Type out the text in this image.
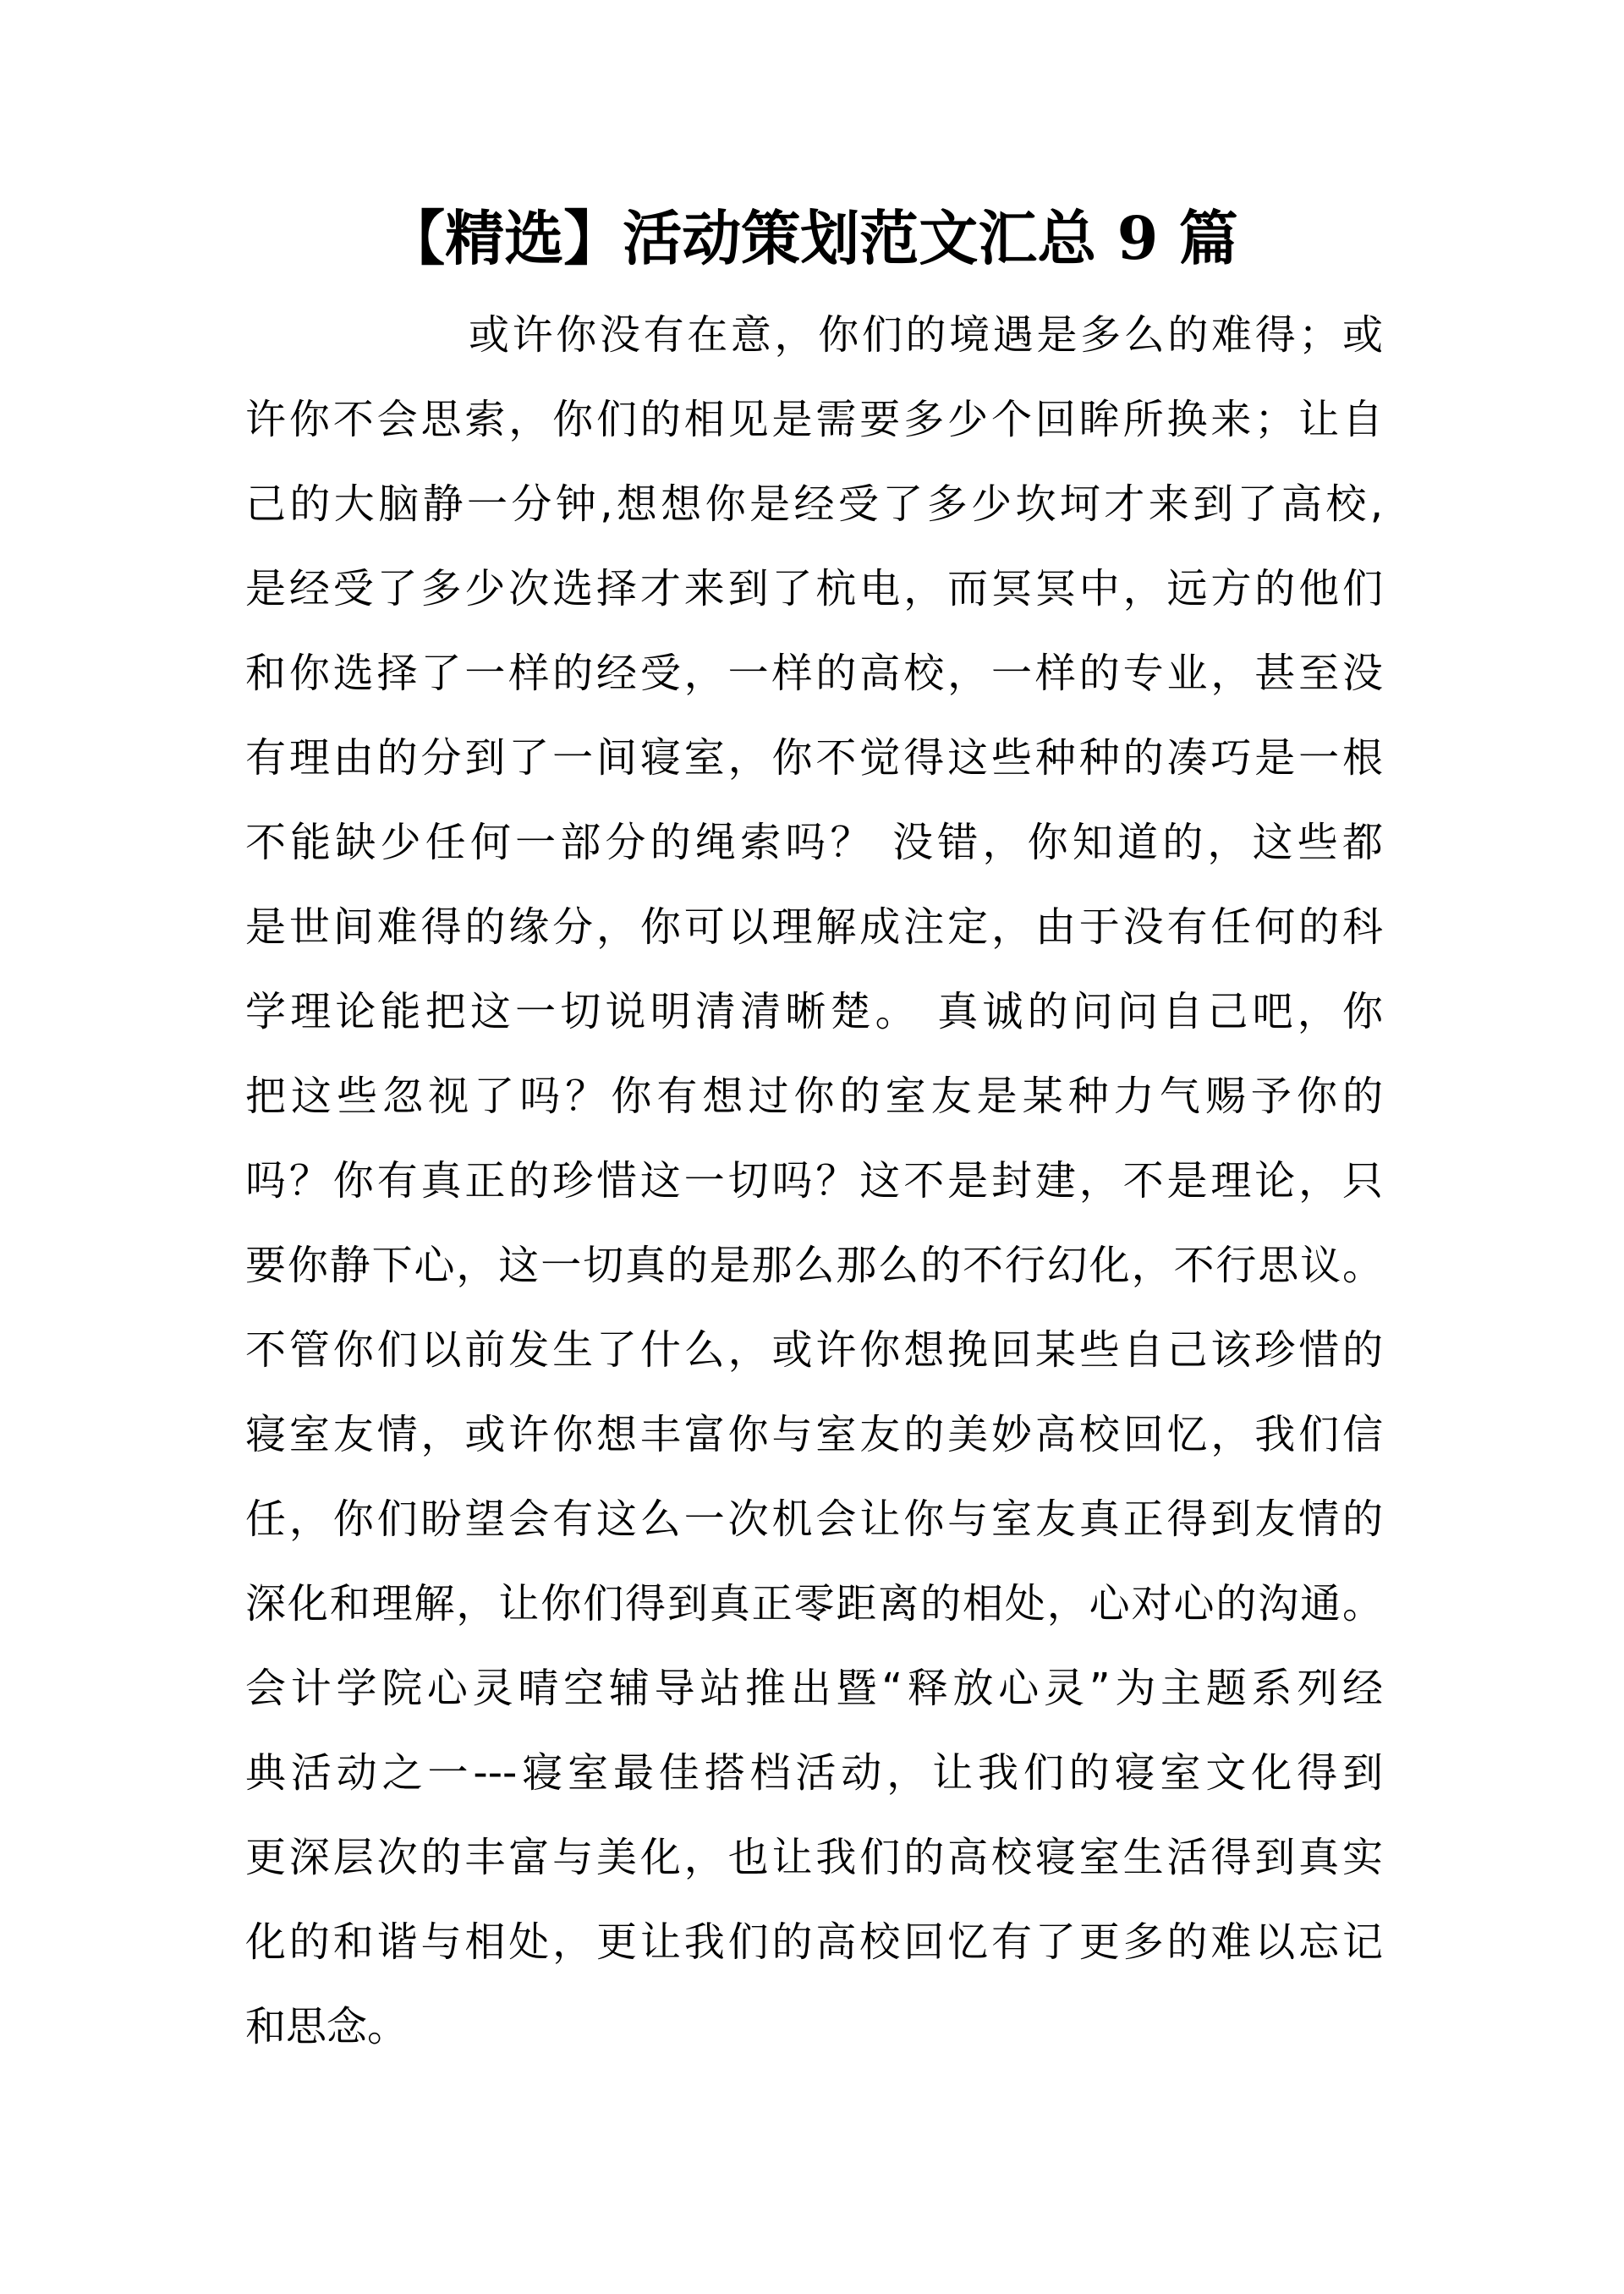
【精选】活动策划范文汇总 9 篇
或许你没有在意，你们的境遇是多么的难得；或
许你不会思索，你们的相见是需要多少个回眸所换来；让自
己的大脑静一分钟,想想你是经受了多少坎坷才来到了高校,
是经受了多少次选择才来到了杭电，而冥冥中，远方的他们
和你选择了一样的经受，一样的高校，一样的专业，甚至没
有理由的分到了一间寝室，你不觉得这些种种的凑巧是一根
不能缺少任何一部分的绳索吗？ 没错，你知道的，这些都
是世间难得的缘分，你可以理解成注定，由于没有任何的科
学理论能把这一切说明清清晰楚。 真诚的问问自己吧，你
把这些忽视了吗？你有想过你的室友是某种力气赐予你的
吗？你有真正的珍惜这一切吗？这不是封建，不是理论，只
要你静下心，这一切真的是那么那么的不行幻化，不行思议。
不管你们以前发生了什么，或许你想挽回某些自己该珍惜的
寝室友情，或许你想丰富你与室友的美妙高校回忆，我们信
任，你们盼望会有这么一次机会让你与室友真正得到友情的
深化和理解，让你们得到真正零距离的相处，心对心的沟通。
会计学院心灵晴空辅导站推出暨“释放心灵”为主题系列经
典活动之一---寝室最佳搭档活动，让我们的寝室文化得到
更深层次的丰富与美化，也让我们的高校寝室生活得到真实
化的和谐与相处，更让我们的高校回忆有了更多的难以忘记
和思念。
